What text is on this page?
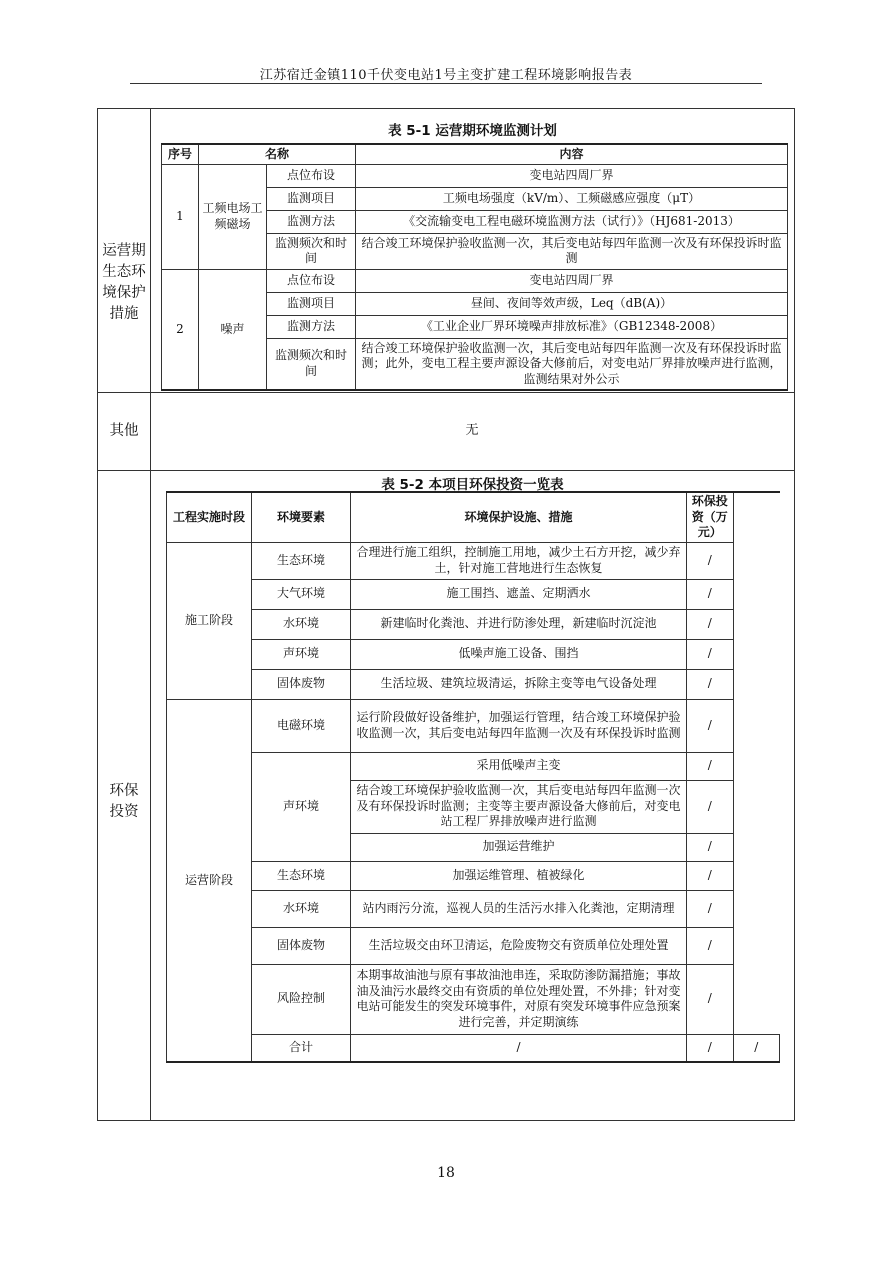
江苏宿迁金镇110千伏变电站1号主变扩建工程环境影响报告表
运营期生态环境保护措施
其他	无
环保投资
表 5-1 运营期环境监测计划
序号	名称		内容
1	工频电场工频磁场	点位布设	变电站四周厂界
		监测项目	工频电场强度（kV/m）、工频磁感应强度（μT）
		监测方法	《交流输变电工程电磁环境监测方法（试行）》（HJ681-2013）
		监测频次和时间	结合竣工环境保护验收监测一次，其后变电站每四年监测一次及有环保投诉时监测
2	噪声	点位布设	变电站四周厂界
		监测项目	昼间、夜间等效声级，Leq（dB(A)）
		监测方法	《工业企业厂界环境噪声排放标准》（GB12348-2008）
		监测频次和时间	结合竣工环境保护验收监测一次，其后变电站每四年监测一次及有环保投诉时监测；此外，变电工程主要声源设备大修前后，对变电站厂界排放噪声进行监测，监测结果对外公示
表 5-2 本项目环保投资一览表
工程实施时段	环境要素	环境保护设施、措施	环保投资（万元）	
施工阶段	生态环境	合理进行施工组织，控制施工用地，减少土石方开挖，减少弃土，针对施工营地进行生态恢复	/	
	大气环境	施工围挡、遮盖、定期洒水	/	
	水环境	新建临时化粪池、并进行防渗处理，新建临时沉淀池	/	
	声环境	低噪声施工设备、围挡	/	
	固体废物	生活垃圾、建筑垃圾清运，拆除主变等电气设备处理	/	
运营阶段	电磁环境	运行阶段做好设备维护，加强运行管理，结合竣工环境保护验收监测一次，其后变电站每四年监测一次及有环保投诉时监测	/	
	声环境	采用低噪声主变	/	
		结合竣工环境保护验收监测一次，其后变电站每四年监测一次及有环保投诉时监测；主变等主要声源设备大修前后，对变电站工程厂界排放噪声进行监测	/	
		加强运营维护	/	
	生态环境	加强运维管理、植被绿化	/	
	水环境	站内雨污分流，巡视人员的生活污水排入化粪池，定期清理	/	
	固体废物	生活垃圾交由环卫清运，危险废物交有资质单位处理处置	/	
	风险控制	本期事故油池与原有事故油池串连，采取防渗防漏措施；事故油及油污水最终交由有资质的单位处理处置，不外排；针对变电站可能发生的突发环境事件，对原有突发环境事件应急预案进行完善，并定期演练	/	
	合计	/	/	/
18
